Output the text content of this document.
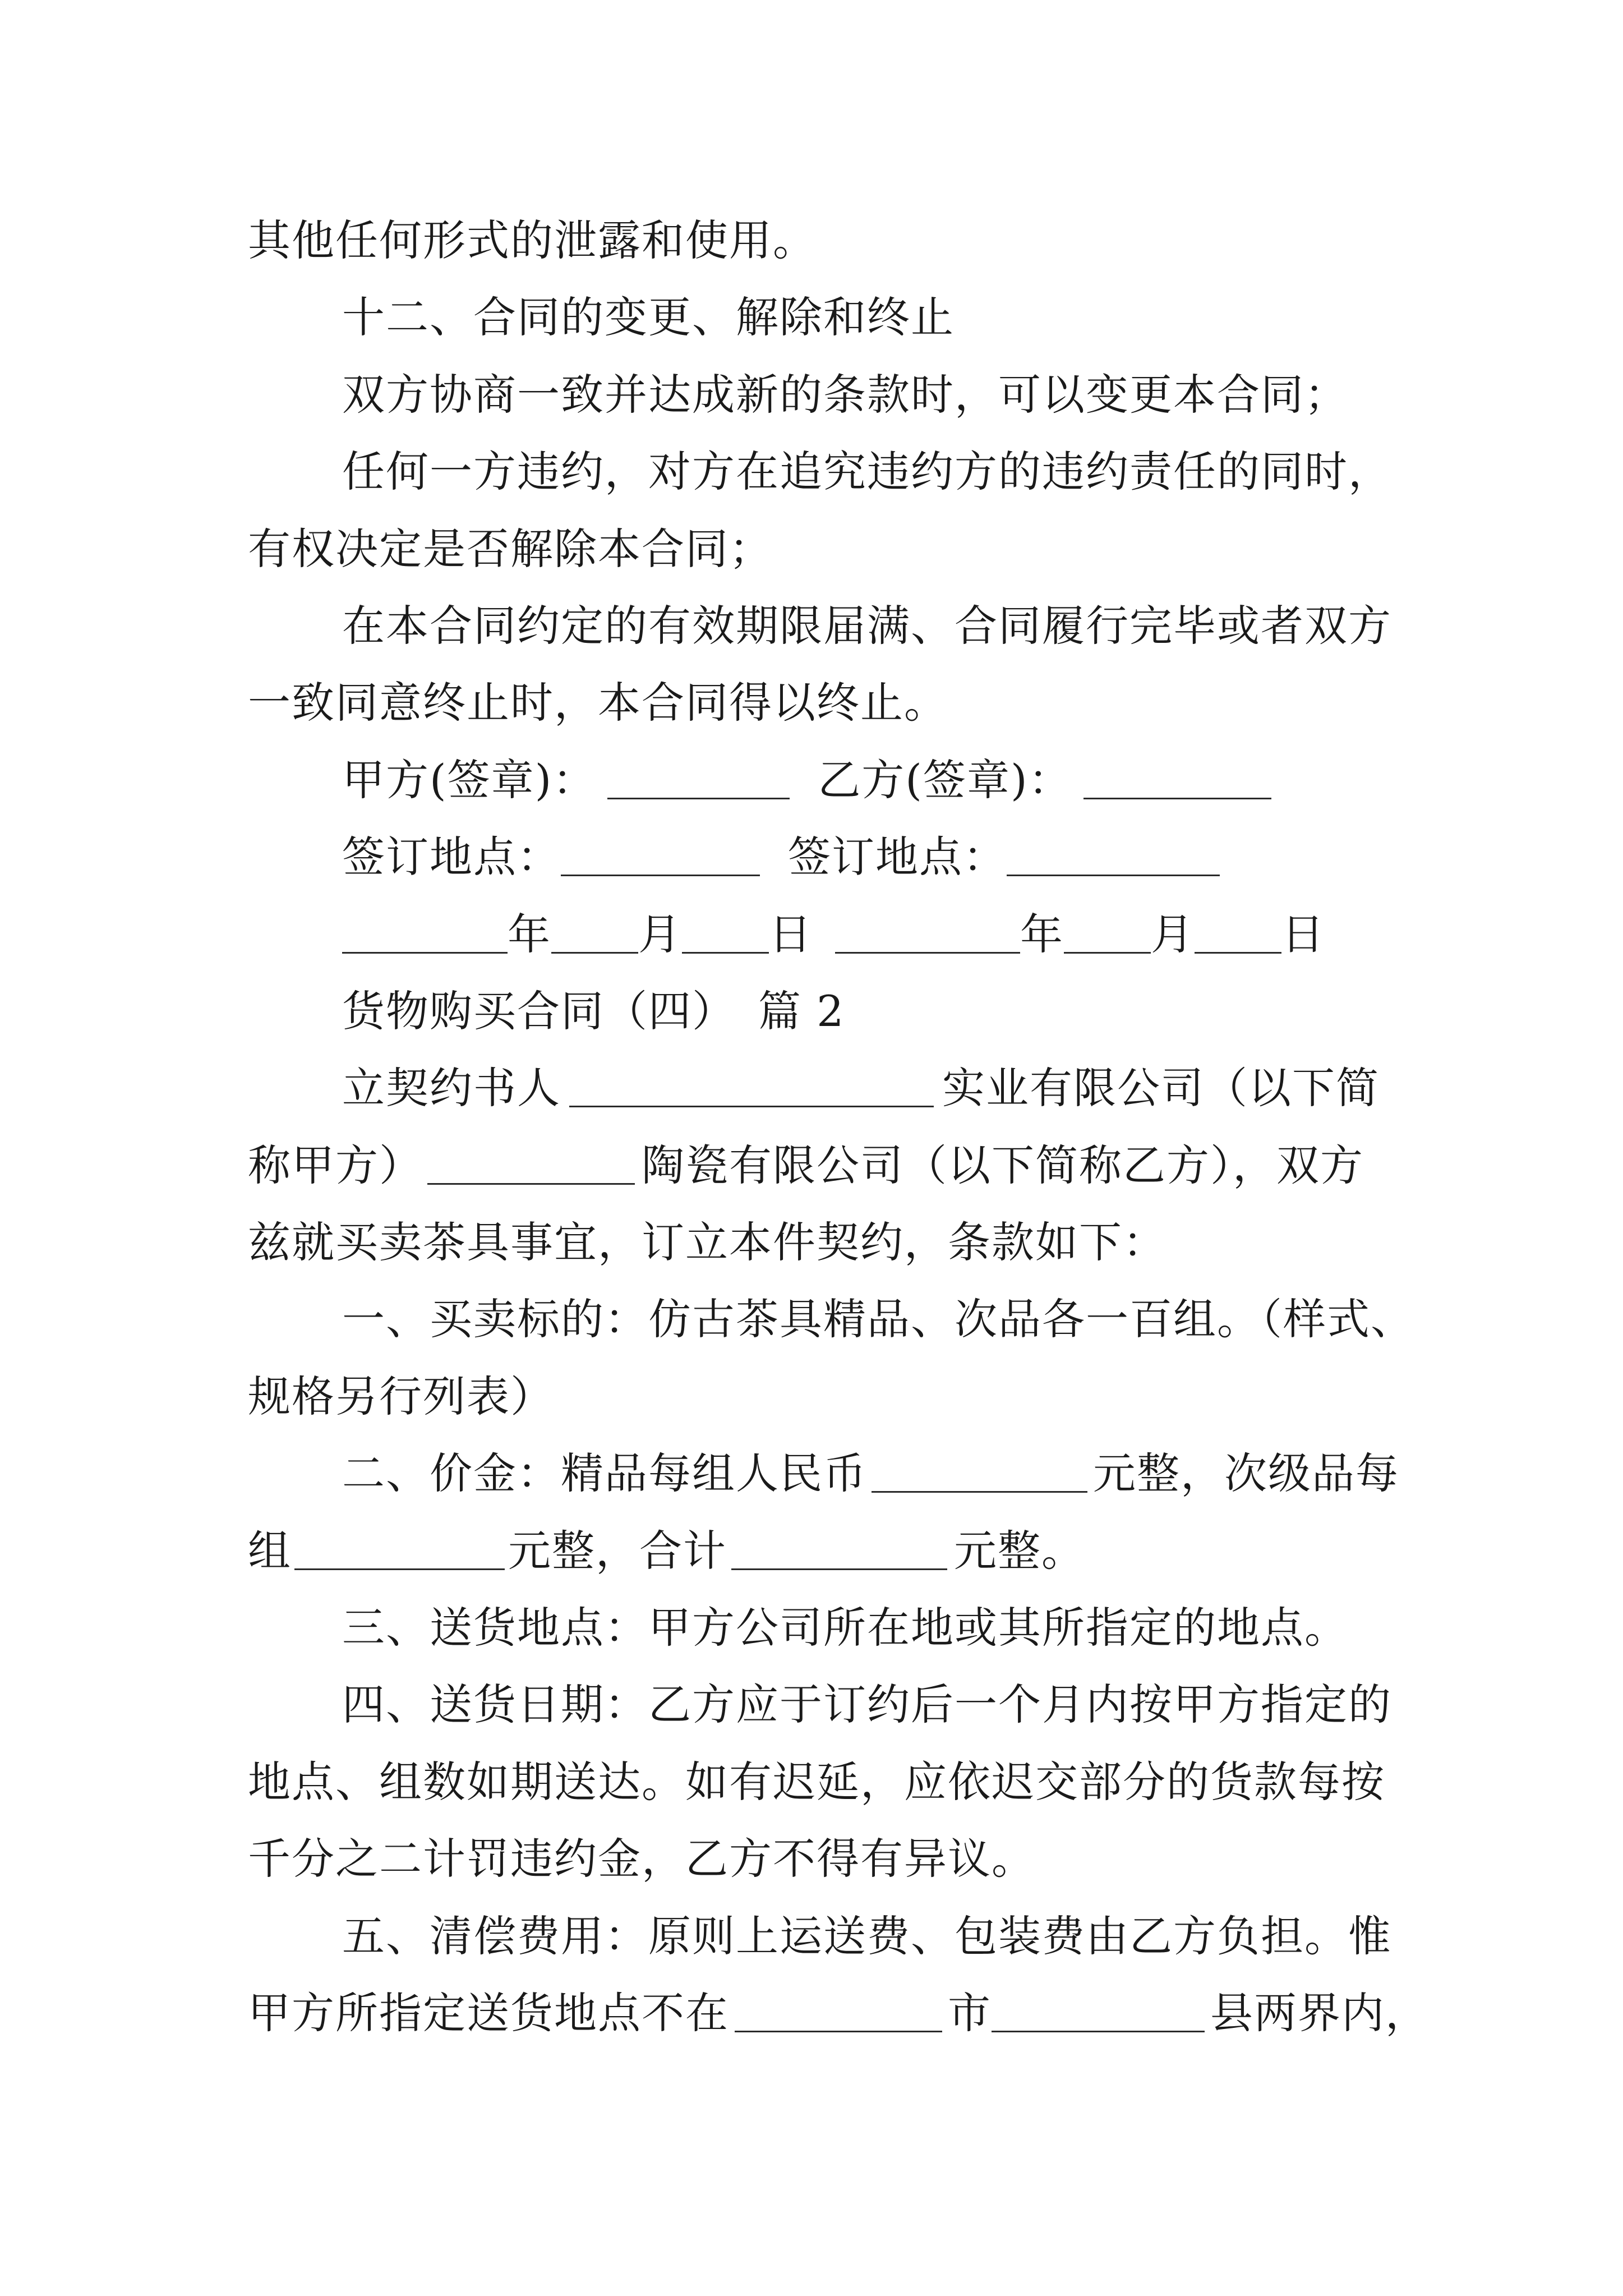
其他任何形式的泄露和使用。
十二、合同的变更、解除和终止
双方协商一致并达成新的条款时，可以变更本合同；
任何一方违约，对方在追究违约方的违约责任的同时，
有权决定是否解除本合同；
在本合同约定的有效期限届满、合同履行完毕或者双方
一致同意终止时，本合同得以终止。
甲方(签章)：	乙方(签章)：
签订地点：	签订地点：
年 月 日	年 月 日
货物购买合同（四）　篇 2
立契约书人	实业有限公司（以下简
称甲方）	陶瓷有限公司（以下简称乙方），双方
兹就买卖茶具事宜，订立本件契约，条款如下：
一、买卖标的：仿古茶具精品、次品各一百组。（样式、
规格另行列表）
二、价金：精品每组人民币	元整，次级品每
组	元整，合计	元整。
三、送货地点：甲方公司所在地或其所指定的地点。
四、送货日期：乙方应于订约后一个月内按甲方指定的
地点、组数如期送达。如有迟延，应依迟交部分的货款每按
千分之二计罚违约金，乙方不得有异议。
五、清偿费用：原则上运送费、包装费由乙方负担。惟
甲方所指定送货地点不在	市	县两界内，
